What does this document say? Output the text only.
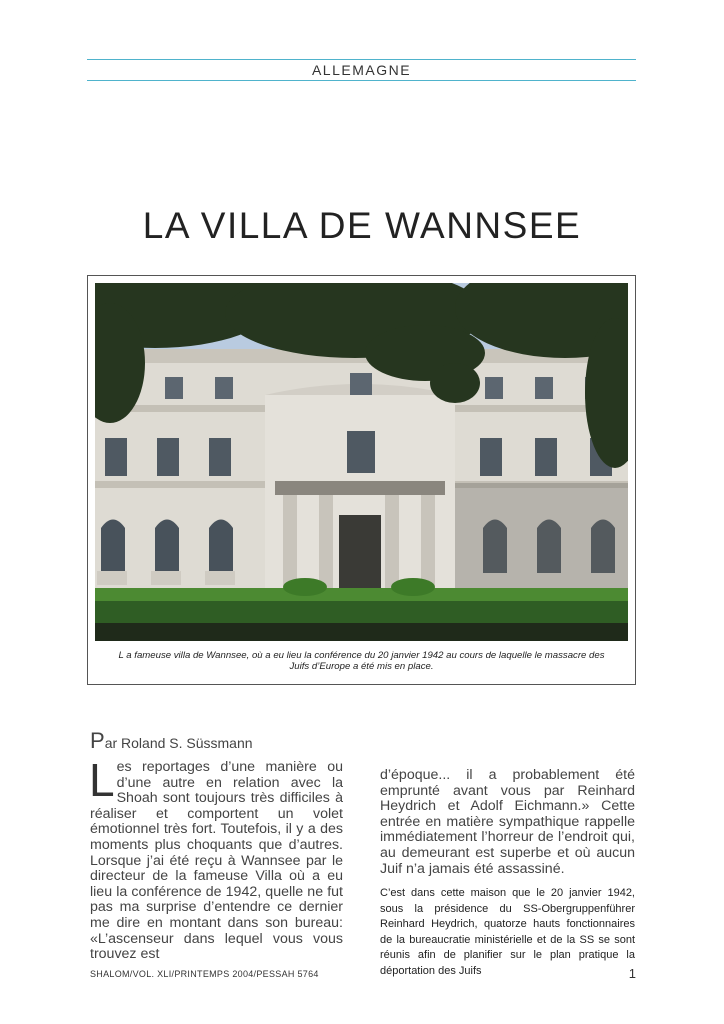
ALLEMAGNE
LA VILLA DE WANNSEE
L a fameuse villa de Wannsee, où a eu lieu la conférence du 20 janvier 1942 au cours de laquelle le massacre des Juifs d’Europe a été mis en place.
Par Roland S. Süssmann
Les reportages d’une manière ou d’une autre en relation avec la Shoah sont toujours très difficiles à réaliser et comportent un volet émotionnel très fort. Toutefois, il y a des moments plus choquants que d’autres. Lorsque j’ai été reçu à Wannsee par le directeur de la fameuse Villa où a eu lieu la conférence de 1942, quelle ne fut pas ma surprise d’entendre ce dernier me dire en montant dans son bureau: «L’ascenseur dans lequel vous vous trouvez est
d’époque... il a probablement été emprunté avant vous par Reinhard Heydrich et Adolf Eichmann.» Cette entrée en matière sympathique rappelle immédiatement l’horreur de l’endroit qui, au demeurant est superbe et où aucun Juif n’a jamais été assassiné.
C’est dans cette maison que le 20 janvier 1942, sous la présidence du SS-Obergruppenführer Reinhard Heydrich, quatorze hauts fonctionnaires de la bureaucratie ministérielle et de la SS se sont réunis afin de planifier sur le plan pratique la déportation des Juifs
SHALOM/VOL. XLI/PRINTEMPS 2004/PESSAH 5764	1
